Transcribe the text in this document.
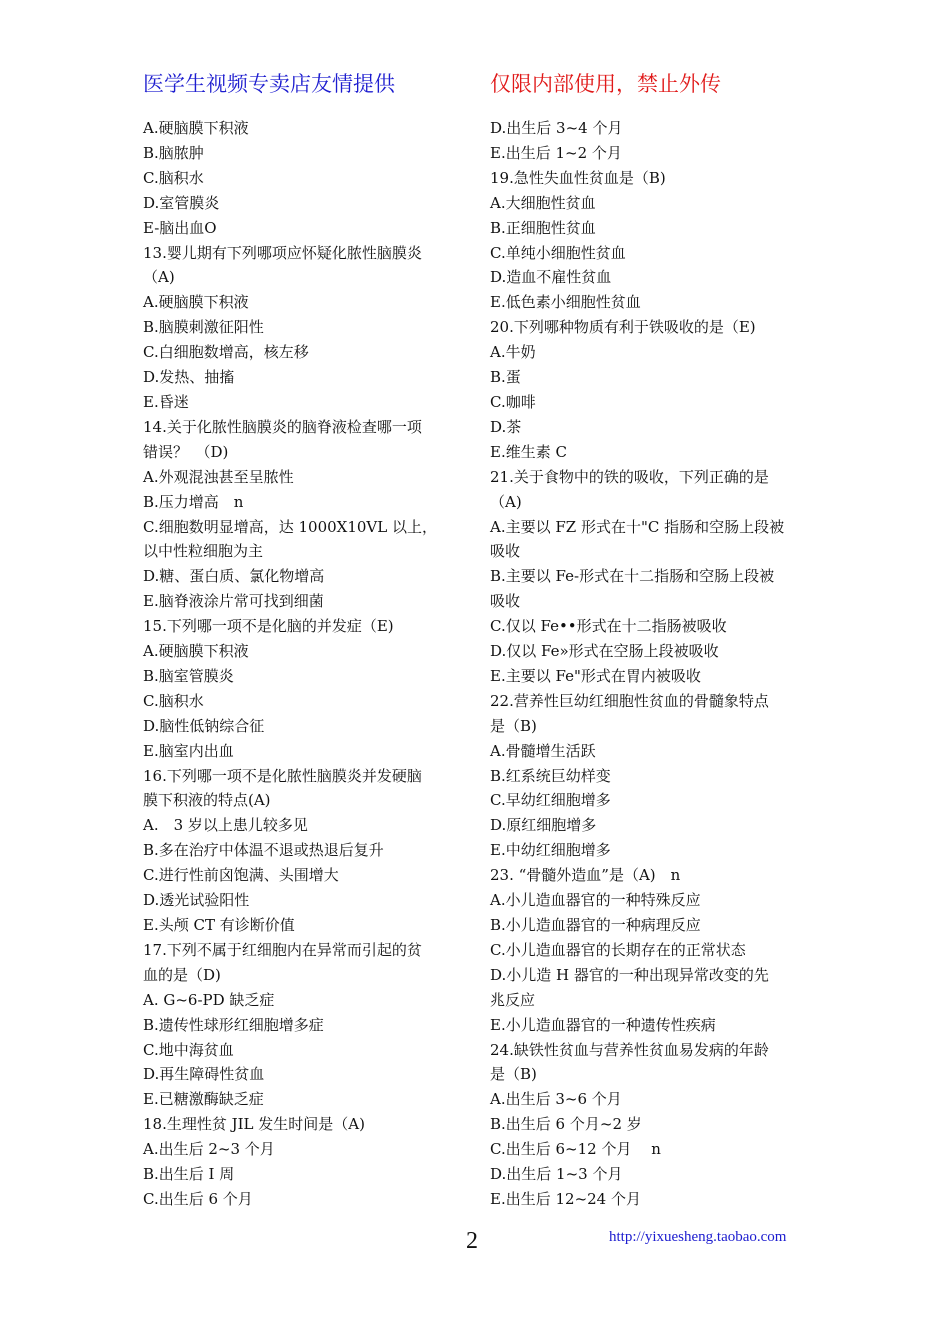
医学生视频专卖店友情提供	仅限内部使用，禁止外传
A.硬脑膜下积液
B.脑脓肿
C.脑积水
D.室管膜炎
E-脑出血O
13.婴儿期有下列哪项应怀疑化脓性脑膜炎
（A)
A.硬脑膜下积液
B.脑膜刺激征阳性
C.白细胞数增高，核左移
D.发热、抽搐
E.昏迷
14.关于化脓性脑膜炎的脑脊液检查哪一项
错误？　（D)
A.外观混浊甚至呈脓性
B.压力增高　n
C.细胞数明显增高，达 1000X10VL 以上，
以中性粒细胞为主
D.糖、蛋白质、氯化物增高
E.脑脊液涂片常可找到细菌
15.下列哪一项不是化脑的并发症（E)
A.硬脑膜下积液
B.脑室管膜炎
C.脑积水
D.脑性低钠综合征
E.脑室内出血
16.下列哪一项不是化脓性脑膜炎并发硬脑
膜下积液的特点(A)
A.　3 岁以上患儿较多见
B.多在治疗中体温不退或热退后复升
C.进行性前囟饱满、头围增大
D.透光试验阳性
E.头颅 CT 有诊断价值
17.下列不属于红细胞内在异常而引起的贫
血的是（D)
A. G~6-PD 缺乏症
B.遗传性球形红细胞增多症
C.地中海贫血
D.再生障碍性贫血
E.已糖激酶缺乏症
18.生理性贫 JIL 发生时间是（A)
A.出生后 2~3 个月
B.出生后 I 周
C.出生后 6 个月
D.出生后 3~4 个月
E.出生后 1~2 个月
19.急性失血性贫血是（B)
A.大细胞性贫血
B.正细胞性贫血
C.单纯小细胞性贫血
D.造血不雇性贫血
E.低色素小细胞性贫血
20.下列哪种物质有利于铁吸收的是（E)
A.牛奶
B.蛋
C.咖啡
D.茶
E.维生素 C
21.关于食物中的铁的吸收，下列正确的是
（A)
A.主要以 FZ 形式在十"C 指肠和空肠上段被
吸收
B.主要以 Fe-形式在十二指肠和空肠上段被
吸收
C.仅以 Fe••形式在十二指肠被吸收
D.仅以 Fe»形式在空肠上段被吸收
E.主要以 Fe"形式在胃内被吸收
22.营养性巨幼红细胞性贫血的骨髓象特点
是（B)
A.骨髓增生活跃
B.红系统巨幼样变
C.早幼红细胞增多
D.原红细胞增多
E.中幼红细胞增多
23. “骨髓外造血”是（A)　n
A.小儿造血器官的一种特殊反应
B.小儿造血器官的一种病理反应
C.小儿造血器官的长期存在的正常状态
D.小儿造 H 器官的一种出现异常改变的先
兆反应
E.小儿造血器官的一种遗传性疾病
24.缺铁性贫血与营养性贫血易发病的年龄
是（B)
A.出生后 3~6 个月
B.出生后 6 个月~2 岁
C.出生后 6~12 个月　 n
D.出生后 1~3 个月
E.出生后 12~24 个月
2	http://yixuesheng.taobao.com
